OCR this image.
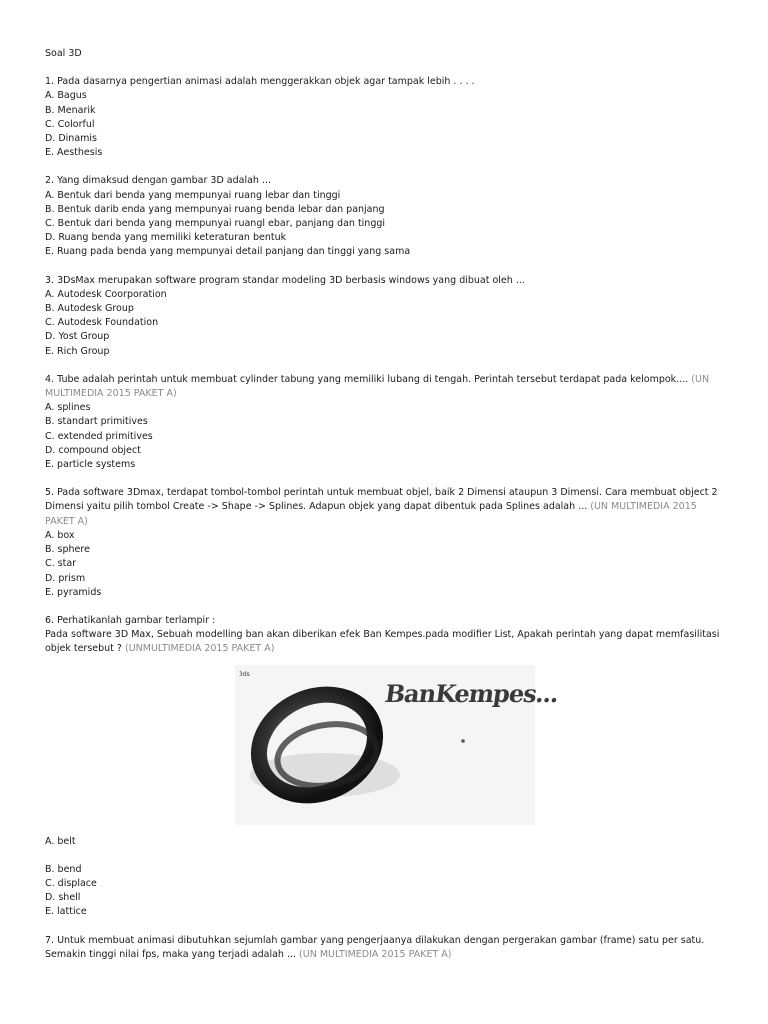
Soal 3D
1. Pada dasarnya pengertian animasi adalah menggerakkan objek agar tampak lebih . . . .
A. Bagus
B. Menarik
C. Colorful
D. Dinamis
E. Aesthesis
2. Yang dimaksud dengan gambar 3D adalah ...
A. Bentuk dari benda yang mempunyai ruang lebar dan tinggi
B. Bentuk darib enda yang mempunyai ruang benda lebar dan panjang
C. Bentuk dari benda yang mempunyai ruangl ebar, panjang dan tinggi
D. Ruang benda yang memiliki keteraturan bentuk
E. Ruang pada benda yang mempunyai detail panjang dan tinggi yang sama
3. 3DsMax merupakan software program standar modeling 3D berbasis windows yang dibuat oleh ...
A. Autodesk Coorporation
B. Autodesk Group
C. Autodesk Foundation
D. Yost Group
E. Rich Group
4. Tube adalah perintah untuk membuat cylinder tabung yang memiliki lubang di tengah. Perintah tersebut terdapat pada kelompok.... (UN MULTIMEDIA 2015 PAKET A)
A. splines
B. standart primitives
C. extended primitives
D. compound object
E. particle systems
5. Pada software 3Dmax, terdapat tombol-tombol perintah untuk membuat objel, baik 2 Dimensi ataupun 3 Dimensi. Cara membuat object 2 Dimensi yaitu pilih tombol Create -> Shape -> Splines. Adapun objek yang dapat dibentuk pada Splines adalah ... (UN MULTIMEDIA 2015 PAKET A)
A. box
B. sphere
C. star
D. prism
E. pyramids
6. Perhatikanlah garnbar terlampir :
Pada software 3D Max, Sebuah modelling ban akan diberikan efek Ban Kempes.pada modifier List, Apakah perintah yang dapat memfasilitasi objek tersebut ? (UNMULTIMEDIA 2015 PAKET A)
3ds
BanKempes...
A. belt
B. bend
C. displace
D. shell
E. lattice
7. Untuk membuat animasi dibutuhkan sejumlah gambar yang pengerjaanya dilakukan dengan pergerakan gambar (frame) satu per satu. Semakin tinggi nilai fps, maka yang terjadi adalah ... (UN MULTIMEDIA 2015 PAKET A)
